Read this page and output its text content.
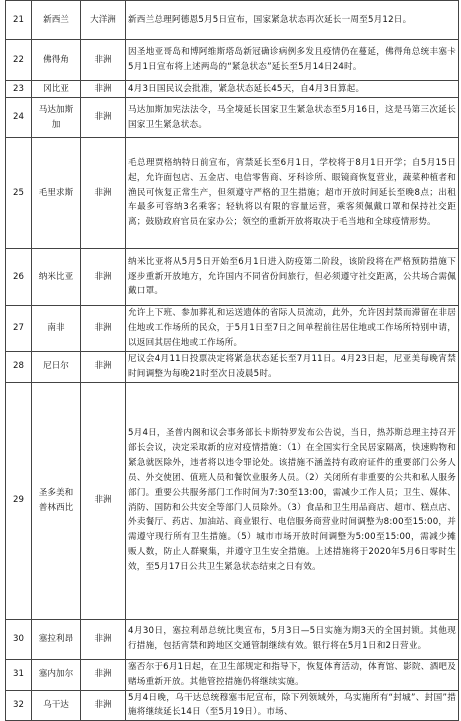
21	新西兰	大洋洲	新西兰总理阿德恩5月5日宣布，国家紧急状态再次延长一周至5月12日。
22	佛得角	非洲	因圣地亚哥岛和博阿维斯塔岛新冠确诊病例多发且疫情仍在蔓延，佛得角总统丰塞卡5月1日宣布将上述两岛的“紧急状态”延长至5月14日24时。
23	冈比亚	非洲	4月3日国民议会批准，紧急状态延长45天，自4月3日算起。
24	马达加斯加	非洲	马达加斯加宪法法令，马全境延长国家卫生紧急状态至5月16日，这是马第三次延长国家卫生紧急状态。
25	毛里求斯	非洲	毛总理贾格纳特日前宣布，宵禁延长至6月1日，学校将于8月1日开学；自5月15日起，允许面包店、五金店、电信零售商、牙科诊所、眼镜商恢复营业，蔬菜种植者和渔民可恢复正常生产，但须遵守严格的卫生措施；超市开放时间延长至晚8点；出租车最多可容纳3名乘客；轻轨将以有限的容量运营，乘客须佩戴口罩和保持社交距离；鼓励政府官员在家办公；领空的重新开放将取决于毛当地和全球疫情形势。
26	纳米比亚	非洲	纳米比亚将从5月5日开始至6月1日进入防疫第二阶段，该阶段将在严格预防措施下逐步重新开放地方，允许国内不同省份间旅行，但必须遵守社交距离，公共场合需佩戴口罩。
27	南非	非洲	允许上下班、参加葬礼和运送遗体的省际人员流动，此外，允许因封禁而滞留在非居住地或工作场所的民众，于5月1日至7日之间单程前往居住地或工作场所特别申请，以返回其居住地或工作场所。
28	尼日尔	非洲	尼议会4月11日投票决定将紧急状态延长至7月11日。4月23日起，尼亚美每晚宵禁时间调整为每晚21时至次日凌晨5时。
29	圣多美和普林西比	非洲	5月4日，圣普内阁和议会事务部长卡斯特罗发布公告说，当日，热苏斯总理主持召开部长会议，决定采取新的应对疫情措施：（1）在全国实行全民居家隔离，快速购物和紧急就医除外，违者将以违令罪论处。该措施不涵盖持有政府证件的重要部门公务人员、外交使团、值班人员和餐饮业服务人员。（2）关闭所有非重要的公共和私人服务部门。重要公共服务部门工作时间为7:30至13:00，需减少工作人员；卫生、媒体、消防、国防和公共安全等部门人员除外。（3）食品和卫生用品商店、超市、糕点店、外卖餐厅、药店、加油站、商业银行、电信服务商营业时间调整为8:00至15:00，并需遵守现行所有卫生措施。（5）城市市场开放时间调整为5:00至15:00，需减少摊贩人数，防止人群聚集，并遵守卫生安全措施。上述措施将于2020年5月6日零时生效，至5月17日公共卫生紧急状态结束之日有效。
30	塞拉利昂	非洲	4月30日，塞拉利昂总统比奥宣布，5月3日—5日实施为期3天的全国封锁。其他现行措施，包括宵禁和跨地区交通管制继续有效。银行将在5月1日和2日营业。
31	塞内加尔	非洲	塞否尔于6月1日起，在卫生部规定和指导下，恢复体育活动，体育馆、影院、酒吧及赌场重新开放。其他管控措施仍将继续实施。
32	乌干达	非洲	5月4日晚，乌干达总统穆塞韦尼宣布，除下列领域外，乌实施所有“封城”、封国”措施将继续延长14日（至5月19日）。市场、
